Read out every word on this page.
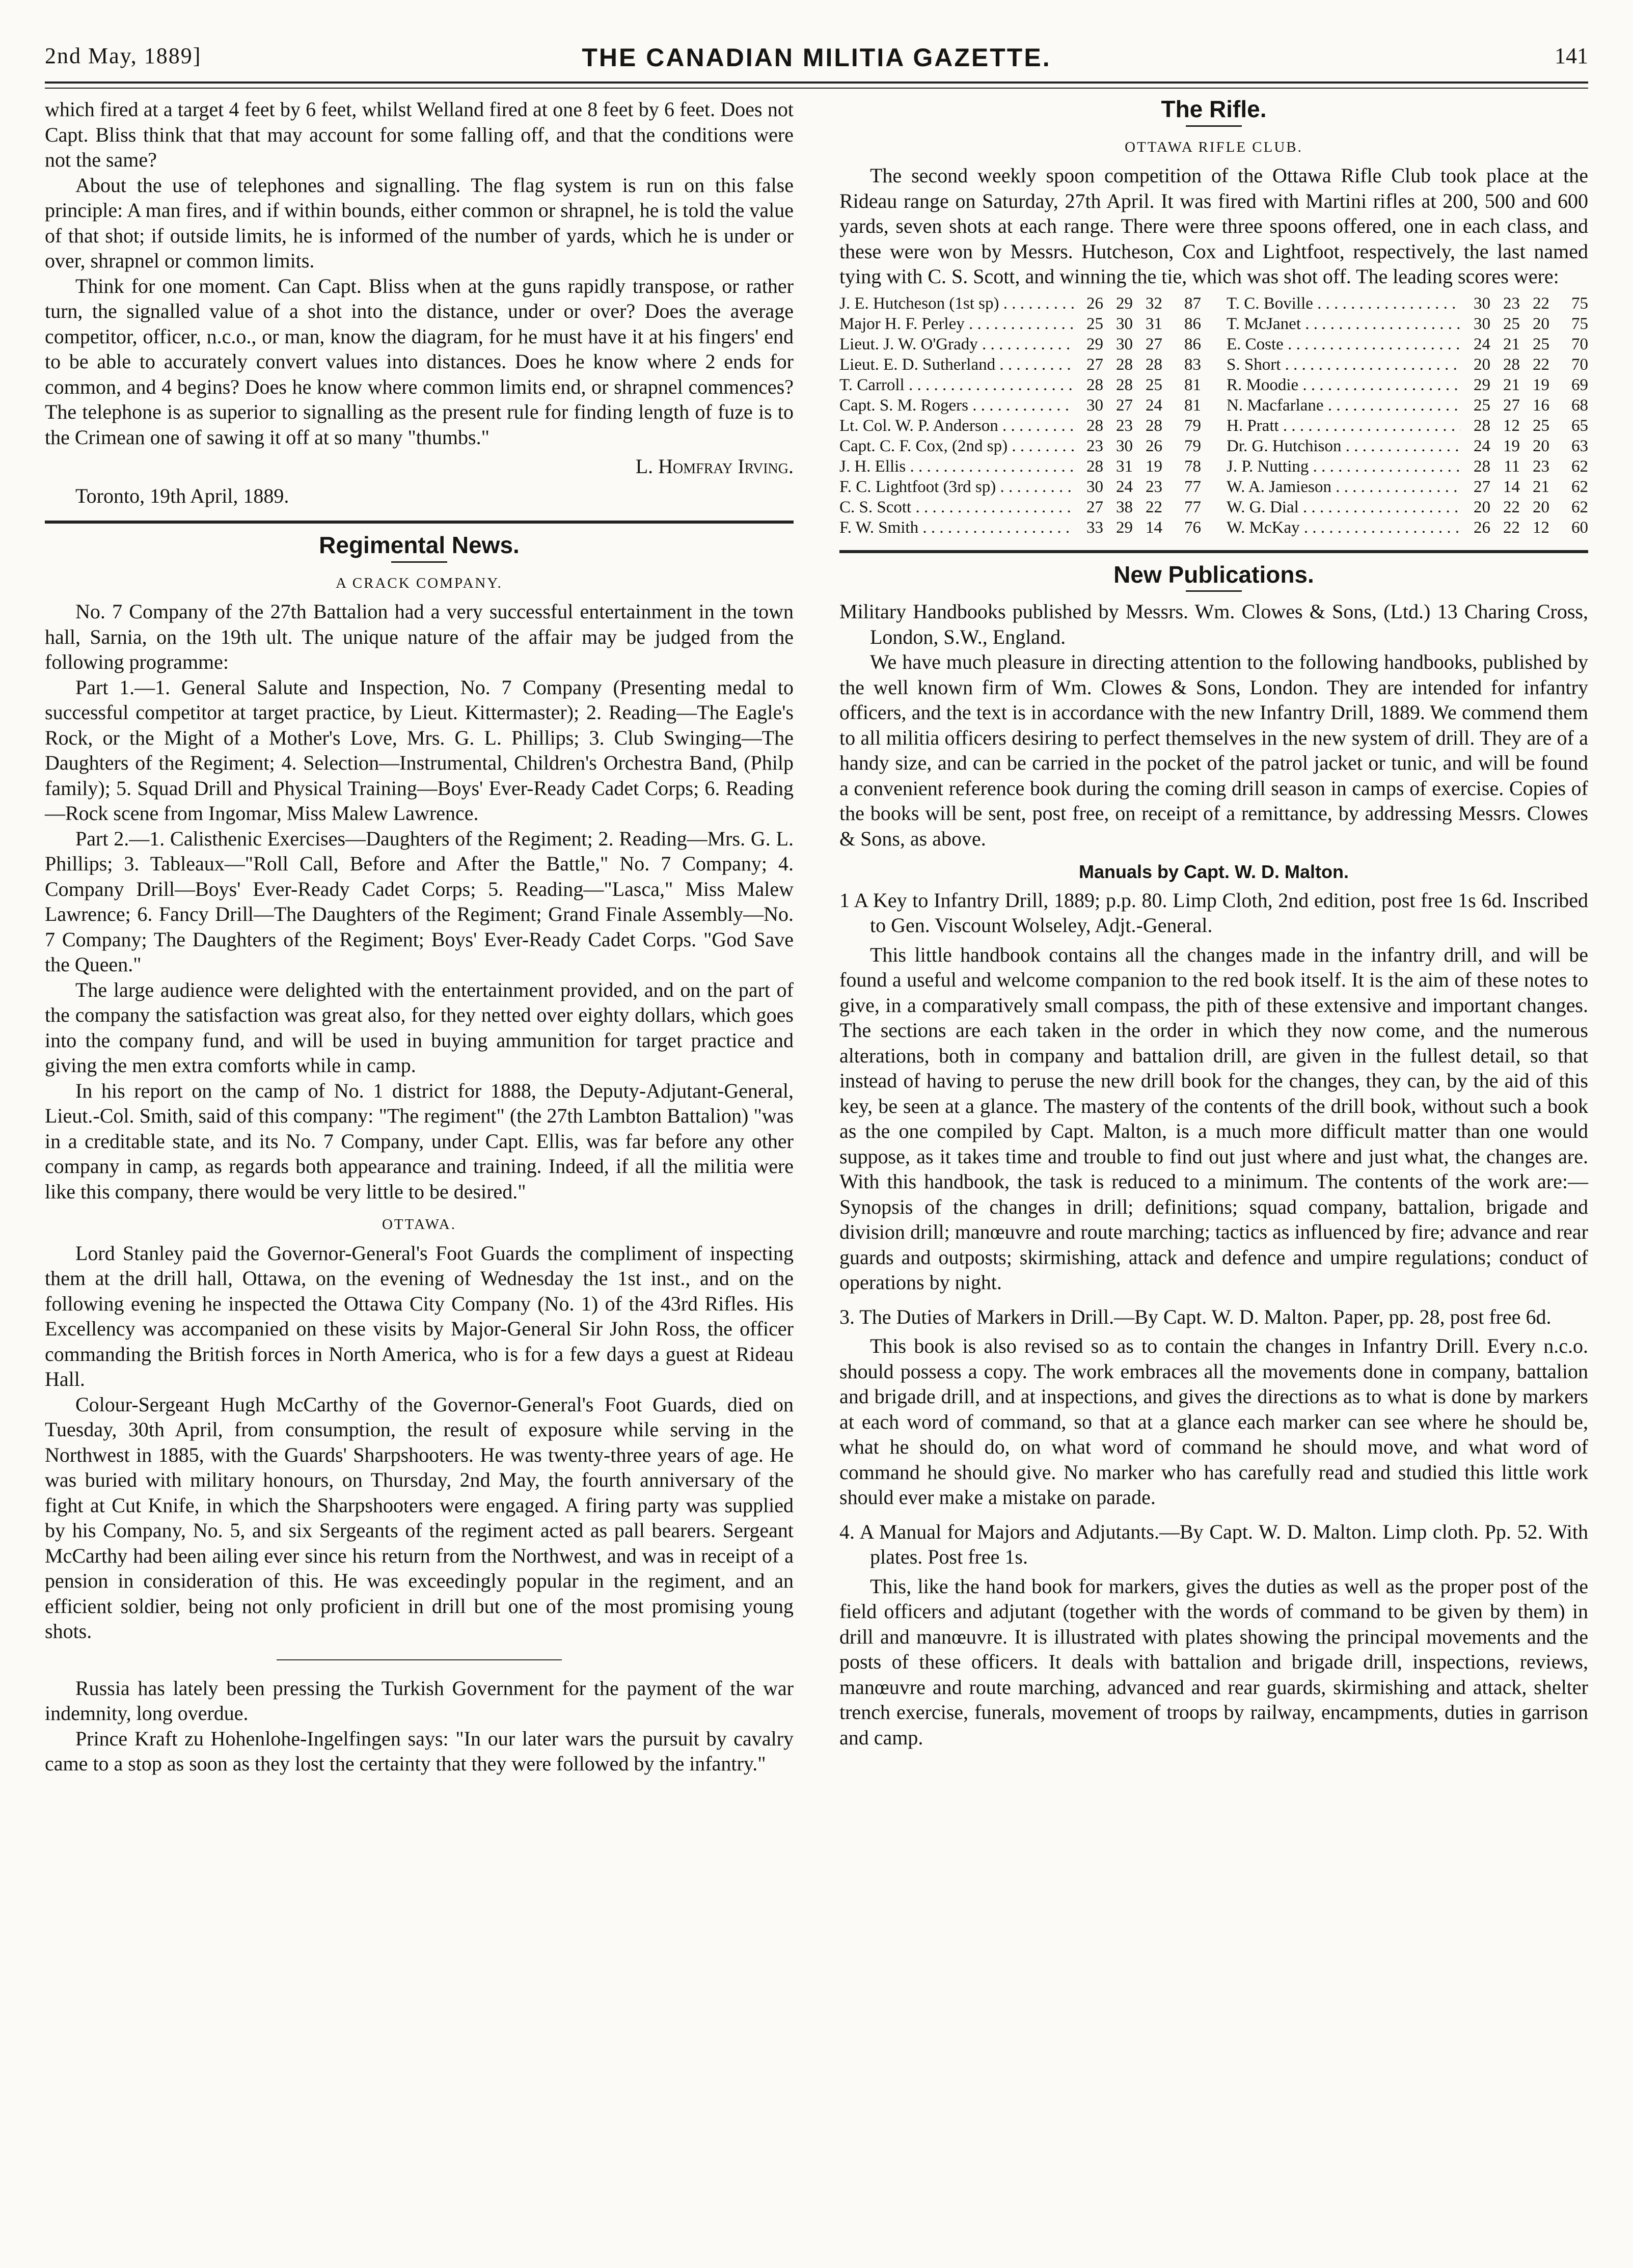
2nd May, 1889]	THE CANADIAN MILITIA GAZETTE.	141

which fired at a target 4 feet by 6 feet, whilst Welland fired at one 8 feet by 6 feet. Does not Capt. Bliss think that that may account for some falling off, and that the conditions were not the same?

About the use of telephones and signalling. The flag system is run on this false principle: A man fires, and if within bounds, either common or shrapnel, he is told the value of that shot; if outside limits, he is informed of the number of yards, which he is under or over, shrapnel or common limits.

Think for one moment. Can Capt. Bliss when at the guns rapidly transpose, or rather turn, the signalled value of a shot into the distance, under or over? Does the average competitor, officer, n.c.o., or man, know the diagram, for he must have it at his fingers' end to be able to accurately convert values into distances. Does he know where 2 ends for common, and 4 begins? Does he know where common limits end, or shrapnel commences? The telephone is as superior to signalling as the present rule for finding length of fuze is to the Crimean one of sawing it off at so many "thumbs."

L. Homfray Irving.

Toronto, 19th April, 1889.

Regimental News.
A CRACK COMPANY.

No. 7 Company of the 27th Battalion had a very successful entertainment in the town hall, Sarnia, on the 19th ult. The unique nature of the affair may be judged from the following programme:

Part 1.—1. General Salute and Inspection, No. 7 Company (Presenting medal to successful competitor at target practice, by Lieut. Kittermaster); 2. Reading—The Eagle's Rock, or the Might of a Mother's Love, Mrs. G. L. Phillips; 3. Club Swinging—The Daughters of the Regiment; 4. Selection—Instrumental, Children's Orchestra Band, (Philp family); 5. Squad Drill and Physical Training—Boys' Ever-Ready Cadet Corps; 6. Reading—Rock scene from Ingomar, Miss Malew Lawrence.

Part 2.—1. Calisthenic Exercises—Daughters of the Regiment; 2. Reading—Mrs. G. L. Phillips; 3. Tableaux—"Roll Call, Before and After the Battle," No. 7 Company; 4. Company Drill—Boys' Ever-Ready Cadet Corps; 5. Reading—"Lasca," Miss Malew Lawrence; 6. Fancy Drill—The Daughters of the Regiment; Grand Finale Assembly—No. 7 Company; The Daughters of the Regiment; Boys' Ever-Ready Cadet Corps. "God Save the Queen."

The large audience were delighted with the entertainment provided, and on the part of the company the satisfaction was great also, for they netted over eighty dollars, which goes into the company fund, and will be used in buying ammunition for target practice and giving the men extra comforts while in camp.

In his report on the camp of No. 1 district for 1888, the Deputy-Adjutant-General, Lieut.-Col. Smith, said of this company: "The regiment" (the 27th Lambton Battalion) "was in a creditable state, and its No. 7 Company, under Capt. Ellis, was far before any other company in camp, as regards both appearance and training. Indeed, if all the militia were like this company, there would be very little to be desired."

OTTAWA.

Lord Stanley paid the Governor-General's Foot Guards the compliment of inspecting them at the drill hall, Ottawa, on the evening of Wednesday the 1st inst., and on the following evening he inspected the Ottawa City Company (No. 1) of the 43rd Rifles. His Excellency was accompanied on these visits by Major-General Sir John Ross, the officer commanding the British forces in North America, who is for a few days a guest at Rideau Hall.

Colour-Sergeant Hugh McCarthy of the Governor-General's Foot Guards, died on Tuesday, 30th April, from consumption, the result of exposure while serving in the Northwest in 1885, with the Guards' Sharpshooters. He was twenty-three years of age. He was buried with military honours, on Thursday, 2nd May, the fourth anniversary of the fight at Cut Knife, in which the Sharpshooters were engaged. A firing party was supplied by his Company, No. 5, and six Sergeants of the regiment acted as pall bearers. Sergeant McCarthy had been ailing ever since his return from the Northwest, and was in receipt of a pension in consideration of this. He was exceedingly popular in the regiment, and an efficient soldier, being not only proficient in drill but one of the most promising young shots.

Russia has lately been pressing the Turkish Government for the payment of the war indemnity, long overdue.

Prince Kraft zu Hohenlohe-Ingelfingen says: "In our later wars the pursuit by cavalry came to a stop as soon as they lost the certainty that they were followed by the infantry."

The Rifle.
OTTAWA RIFLE CLUB.

The second weekly spoon competition of the Ottawa Rifle Club took place at the Rideau range on Saturday, 27th April. It was fired with Martini rifles at 200, 500 and 600 yards, seven shots at each range. There were three spoons offered, one in each class, and these were won by Messrs. Hutcheson, Cox and Lightfoot, respectively, the last named tying with C. S. Scott, and winning the tie, which was shot off. The leading scores were:

J. E. Hutcheson (1st sp) . . .	26 29 32	87
Major H. F. Perley . . .	25 30 31	86
Lieut. J. W. O'Grady . . .	29 30 27	86
Lieut. E. D. Sutherland . . .	27 28 28	83
T. Carroll . . .	28 28 25	81
Capt. S. M. Rogers . . .	30 27 24	81
Lt. Col. W. P. Anderson . . .	28 23 28	79
Capt. C. F. Cox, (2nd sp) . . .	23 30 26	79
J. H. Ellis . . .	28 31 19	78
F. C. Lightfoot (3rd sp) . . .	30 24 23	77
C. S. Scott . . .	27 38 22	77
F. W. Smith . . .	33 29 14	76
T. C. Boville . . .	30 23 22	75
T. McJanet . . .	30 25 20	75
E. Coste . . .	24 21 25	70
S. Short . . .	20 28 22	70
R. Moodie . . .	29 21 19	69
N. Macfarlane . . .	25 27 16	68
H. Pratt . . .	28 12 25	65
Dr. G. Hutchison . . .	24 19 20	63
J. P. Nutting . . .	28 11 23	62
W. A. Jamieson . . .	27 14 21	62
W. G. Dial . . .	20 22 20	62
W. McKay . . .	26 22 12	60
New Publications.

Military Handbooks published by Messrs. Wm. Clowes & Sons, (Ltd.) 13 Charing Cross, London, S.W., England.

We have much pleasure in directing attention to the following handbooks, published by the well known firm of Wm. Clowes & Sons, London. They are intended for infantry officers, and the text is in accordance with the new Infantry Drill, 1889. We commend them to all militia officers desiring to perfect themselves in the new system of drill. They are of a handy size, and can be carried in the pocket of the patrol jacket or tunic, and will be found a convenient reference book during the coming drill season in camps of exercise. Copies of the books will be sent, post free, on receipt of a remittance, by addressing Messrs. Clowes & Sons, as above.

Manuals by Capt. W. D. Malton.

1 A Key to Infantry Drill, 1889; p.p. 80. Limp Cloth, 2nd edition, post free 1s 6d. Inscribed to Gen. Viscount Wolseley, Adjt.-General.

This little handbook contains all the changes made in the infantry drill, and will be found a useful and welcome companion to the red book itself. It is the aim of these notes to give, in a comparatively small compass, the pith of these extensive and important changes. The sections are each taken in the order in which they now come, and the numerous alterations, both in company and battalion drill, are given in the fullest detail, so that instead of having to peruse the new drill book for the changes, they can, by the aid of this key, be seen at a glance. The mastery of the contents of the drill book, without such a book as the one compiled by Capt. Malton, is a much more difficult matter than one would suppose, as it takes time and trouble to find out just where and just what, the changes are. With this handbook, the task is reduced to a minimum. The contents of the work are:—Synopsis of the changes in drill; definitions; squad company, battalion, brigade and division drill; manœuvre and route marching; tactics as influenced by fire; advance and rear guards and outposts; skirmishing, attack and defence and umpire regulations; conduct of operations by night.

3. The Duties of Markers in Drill.—By Capt. W. D. Malton. Paper, pp. 28, post free 6d.

This book is also revised so as to contain the changes in Infantry Drill. Every n.c.o. should possess a copy. The work embraces all the movements done in company, battalion and brigade drill, and at inspections, and gives the directions as to what is done by markers at each word of command, so that at a glance each marker can see where he should be, what he should do, on what word of command he should move, and what word of command he should give. No marker who has carefully read and studied this little work should ever make a mistake on parade.

4. A Manual for Majors and Adjutants.—By Capt. W. D. Malton. Limp cloth. Pp. 52. With plates. Post free 1s.

This, like the hand book for markers, gives the duties as well as the proper post of the field officers and adjutant (together with the words of command to be given by them) in drill and manœuvre. It is illustrated with plates showing the principal movements and the posts of these officers. It deals with battalion and brigade drill, inspections, reviews, manœuvre and route marching, advanced and rear guards, skirmishing and attack, shelter trench exercise, funerals, movement of troops by railway, encampments, duties in garrison and camp.
